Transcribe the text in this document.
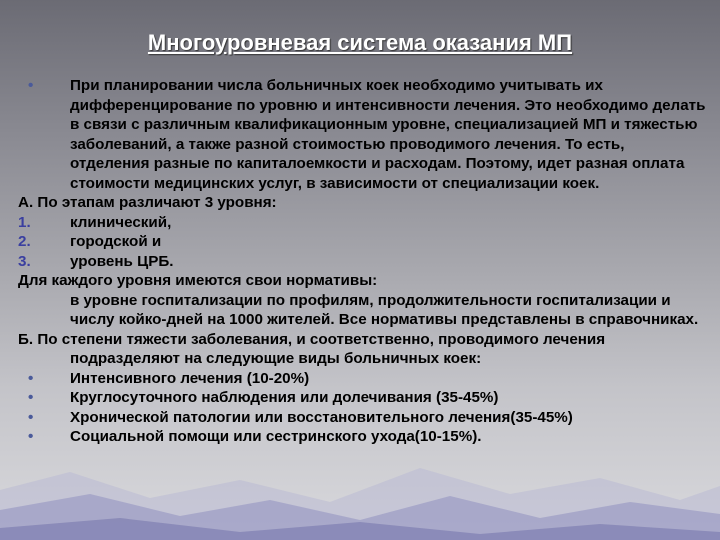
Многоуровневая система оказания МП
•	При планировании числа больничных коек необходимо учитывать их дифференцирование по уровню и интенсивности лечения. Это необходимо делать в связи с различным квалификационным уровне, специализацией МП и тяжестью заболеваний, а также разной стоимостью проводимого лечения. То есть, отделения разные по капиталоемкости и расходам. Поэтому, идет разная оплата стоимости медицинских услуг, в зависимости от специализации коек.
А. По этапам различают 3 уровня:
1.	клинический,
2.	городской и
3.	уровень ЦРБ.
Для каждого уровня имеются свои нормативы:
в уровне госпитализации по профилям, продолжительности госпитализации и числу койко-дней на 1000 жителей. Все нормативы представлены в справочниках.
Б. По степени тяжести заболевания, и соответственно, проводимого лечения подразделяют на следующие виды больничных коек:
•	Интенсивного лечения (10-20%)
•	Круглосуточного наблюдения или долечивания (35-45%)
•	Хронической патологии или восстановительного лечения(35-45%)
•	Социальной помощи или сестринского ухода(10-15%).
